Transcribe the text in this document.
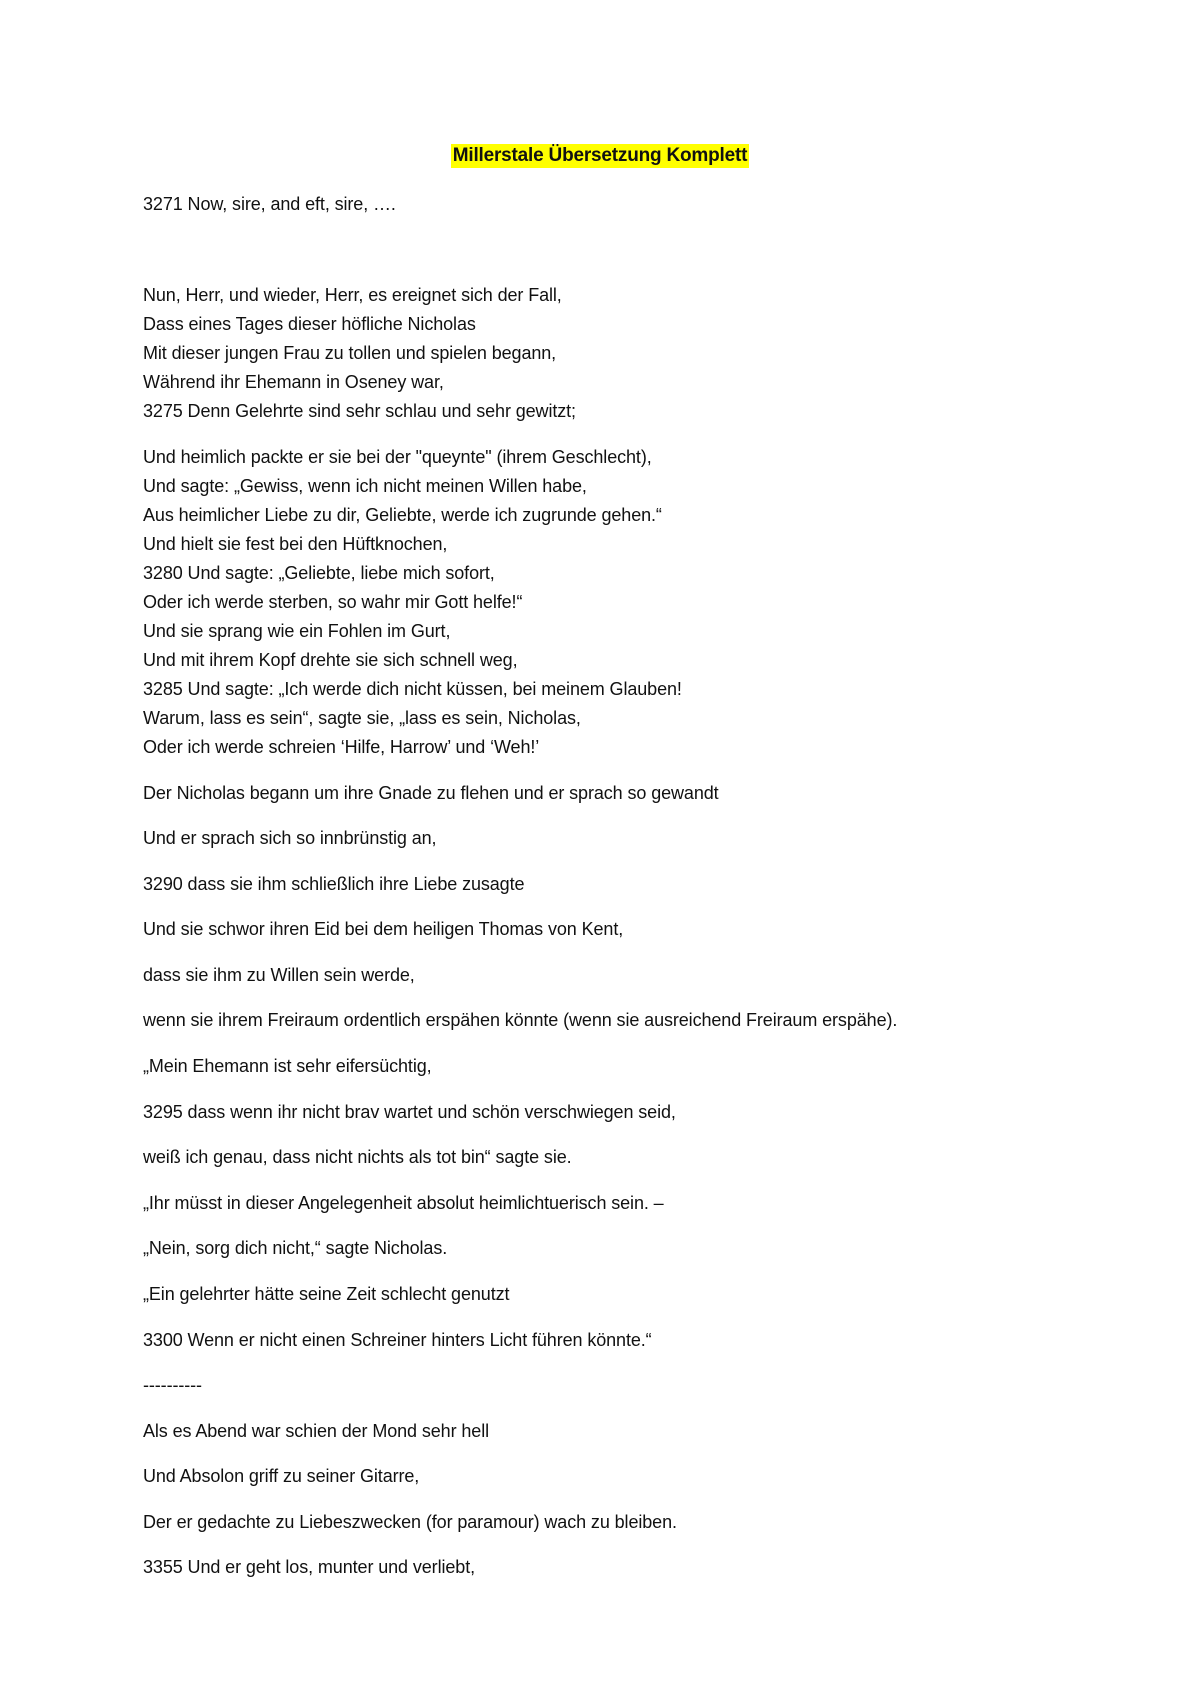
Millerstale Übersetzung Komplett
3271 Now, sire, and eft, sire, ….
Nun, Herr, und wieder, Herr, es ereignet sich der Fall,
Dass eines Tages dieser höfliche Nicholas
Mit dieser jungen Frau zu tollen und spielen begann,
Während ihr Ehemann in Oseney war,
3275 Denn Gelehrte sind sehr schlau und sehr gewitzt;
Und heimlich packte er sie bei der "queynte" (ihrem Geschlecht),
Und sagte: „Gewiss, wenn ich nicht meinen Willen habe,
Aus heimlicher Liebe zu dir, Geliebte, werde ich zugrunde gehen.“
Und hielt sie fest bei den Hüftknochen,
3280 Und sagte: „Geliebte, liebe mich sofort,
Oder ich werde sterben, so wahr mir Gott helfe!“
Und sie sprang wie ein Fohlen im Gurt,
Und mit ihrem Kopf drehte sie sich schnell weg,
3285 Und sagte: „Ich werde dich nicht küssen, bei meinem Glauben!
Warum, lass es sein“, sagte sie, „lass es sein, Nicholas,
Oder ich werde schreien ‘Hilfe, Harrow’ und ‘Weh!’
Der Nicholas begann um ihre Gnade zu flehen und er sprach so gewandt
Und er sprach sich so innbrünstig an,
3290 dass sie ihm schließlich ihre Liebe zusagte
Und sie schwor ihren Eid bei dem heiligen Thomas von Kent,
dass sie ihm zu Willen sein werde,
wenn sie ihrem Freiraum ordentlich erspähen könnte (wenn sie ausreichend Freiraum erspähe).
„Mein Ehemann ist sehr eifersüchtig,
3295 dass wenn ihr nicht brav wartet und schön verschwiegen seid,
weiß ich genau, dass nicht nichts als tot bin“ sagte sie.
„Ihr müsst in dieser Angelegenheit absolut heimlichtuerisch sein. –
„Nein, sorg dich nicht,“ sagte Nicholas.
„Ein gelehrter hätte seine Zeit schlecht genutzt
3300 Wenn er nicht einen Schreiner hinters Licht führen könnte.“
----------
Als es Abend war schien der Mond sehr hell
Und Absolon griff zu seiner Gitarre,
Der er gedachte zu Liebeszwecken (for paramour) wach zu bleiben.
3355 Und er geht los, munter und verliebt,
